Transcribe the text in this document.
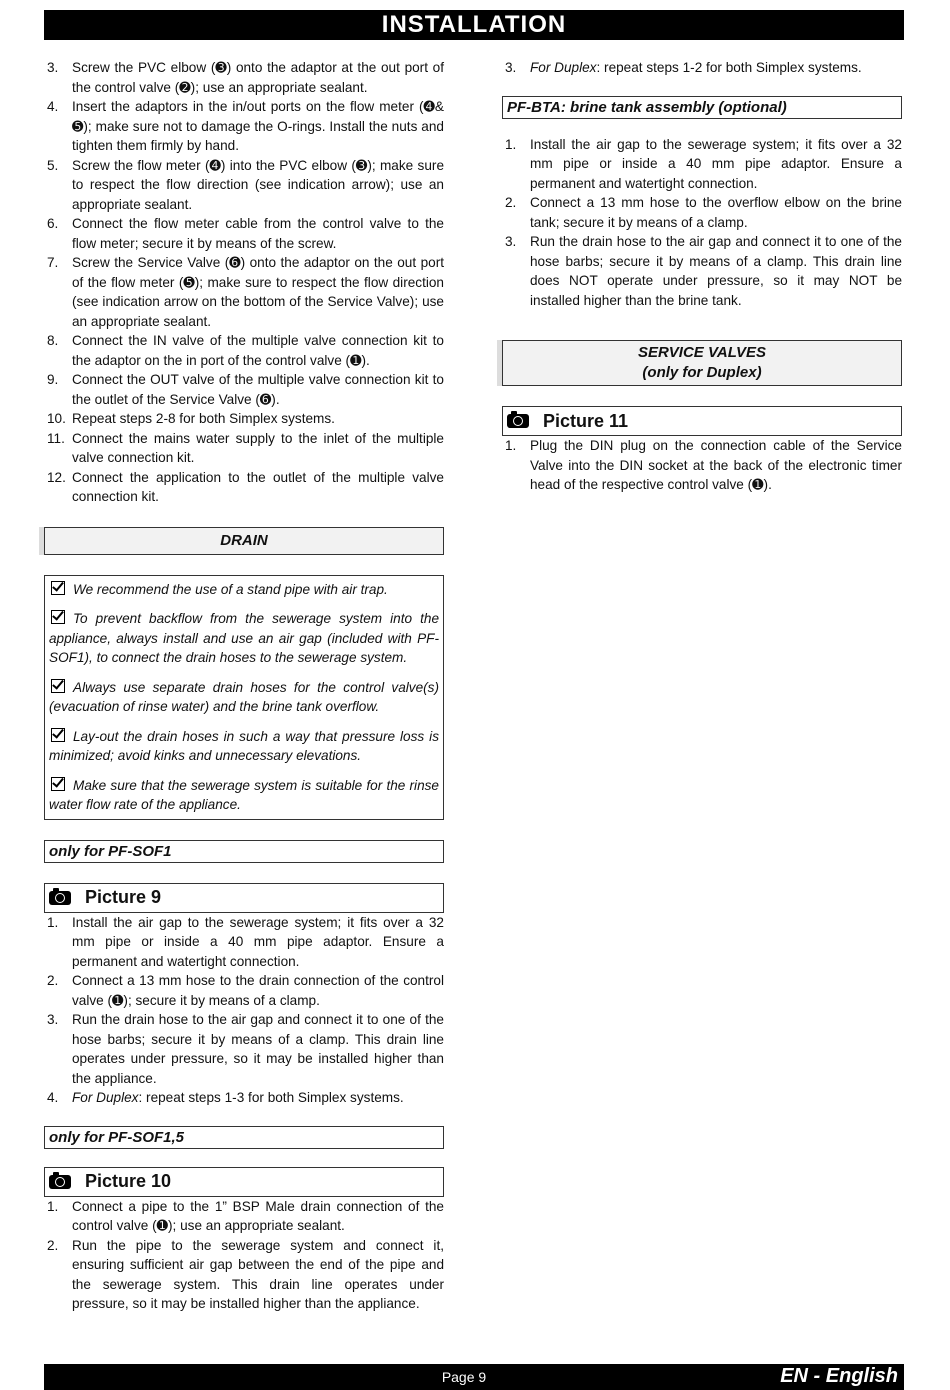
INSTALLATION
3. Screw the PVC elbow (➌) onto the adaptor at the out port of the control valve (➋); use an appropriate sealant.
4. Insert the adaptors in the in/out ports on the flow meter (➍& ➎); make sure not to damage the O-rings. Install the nuts and tighten them firmly by hand.
5. Screw the flow meter (➍) into the PVC elbow (➌); make sure to respect the flow direction (see indication arrow); use an appropriate sealant.
6. Connect the flow meter cable from the control valve to the flow meter; secure it by means of the screw.
7. Screw the Service Valve (➏) onto the adaptor on the out port of the flow meter (➎); make sure to respect the flow direction (see indication arrow on the bottom of the Service Valve); use an appropriate sealant.
8. Connect the IN valve of the multiple valve connection kit to the adaptor on the in port of the control valve (➊).
9. Connect the OUT valve of the multiple valve connection kit to the outlet of the Service Valve (➏).
10. Repeat steps 2-8 for both Simplex systems.
11. Connect the mains water supply to the inlet of the multiple valve connection kit.
12. Connect the application to the outlet of the multiple valve connection kit.
DRAIN

We recommend the use of a stand pipe with air trap.

To prevent backflow from the sewerage system into the appliance, always install and use an air gap (included with PF-SOF1), to connect the drain hoses to the sewerage system.

Always use separate drain hoses for the control valve(s) (evacuation of rinse water) and the brine tank overflow.

Lay-out the drain hoses in such a way that pressure loss is minimized; avoid kinks and unnecessary elevations.

Make sure that the sewerage system is suitable for the rinse water flow rate of the appliance.

only for PF-SOF1
Picture 9
1. Install the air gap to the sewerage system; it fits over a 32 mm pipe or inside a 40 mm pipe adaptor. Ensure a permanent and watertight connection.
2. Connect a 13 mm hose to the drain connection of the control valve (➊); secure it by means of a clamp.
3. Run the drain hose to the air gap and connect it to one of the hose barbs; secure it by means of a clamp. This drain line operates under pressure, so it may be installed higher than the appliance.
4. For Duplex: repeat steps 1-3 for both Simplex systems.
only for PF-SOF1,5
Picture 10
1. Connect a pipe to the 1” BSP Male drain connection of the control valve (➊); use an appropriate sealant.
2. Run the pipe to the sewerage system and connect it, ensuring sufficient air gap between the end of the pipe and the sewerage system. This drain line operates under pressure, so it may be installed higher than the appliance.
3. For Duplex: repeat steps 1-2 for both Simplex systems.
PF-BTA: brine tank assembly (optional)
1. Install the air gap to the sewerage system; it fits over a 32 mm pipe or inside a 40 mm pipe adaptor. Ensure a permanent and watertight connection.
2. Connect a 13 mm hose to the overflow elbow on the brine tank; secure it by means of a clamp.
3. Run the drain hose to the air gap and connect it to one of the hose barbs; secure it by means of a clamp. This drain line does NOT operate under pressure, so it may NOT be installed higher than the brine tank.
SERVICE VALVES
(only for Duplex)
Picture 11
1. Plug the DIN plug on the connection cable of the Service Valve into the DIN socket at the back of the electronic timer head of the respective control valve (➊).
Page 9	EN - English
